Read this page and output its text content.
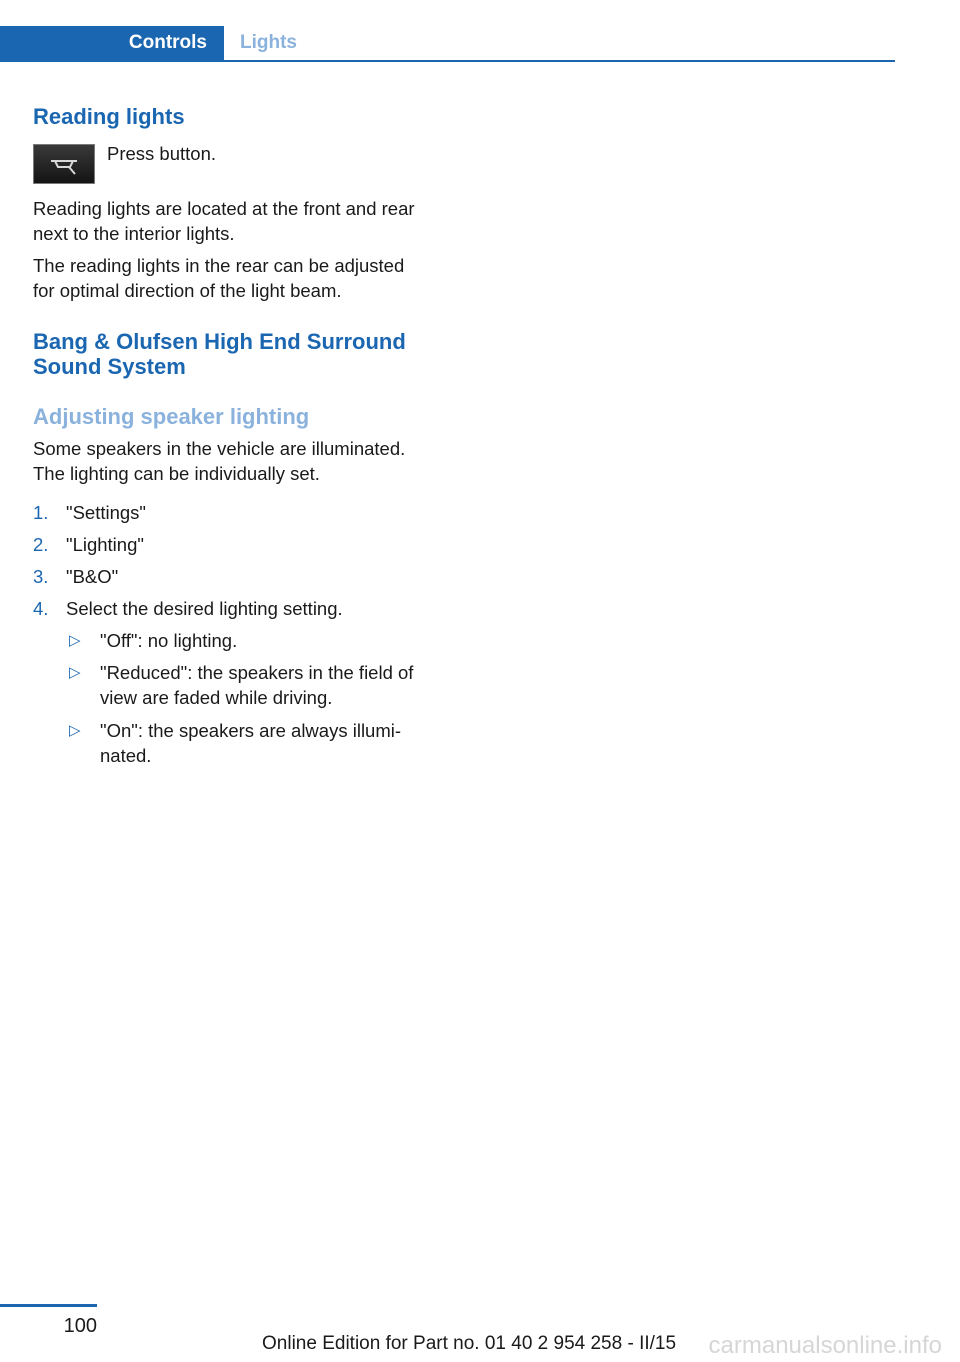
Controls	Lights
Reading lights
Press button.
Reading lights are located at the front and rear
next to the interior lights.
The reading lights in the rear can be adjusted
for optimal direction of the light beam.
Bang & Olufsen High End Surround
Sound System
Adjusting speaker lighting
Some speakers in the vehicle are illuminated.
The lighting can be individually set.
1. "Settings"
2. "Lighting"
3. "B&O"
4. Select the desired lighting setting.
▷ "Off": no lighting.
▷ "Reduced": the speakers in the field of
view are faded while driving.
▷ "On": the speakers are always illumi‐
nated.
100
carmanualsonline.info
Online Edition for Part no. 01 40 2 954 258 - II/15
